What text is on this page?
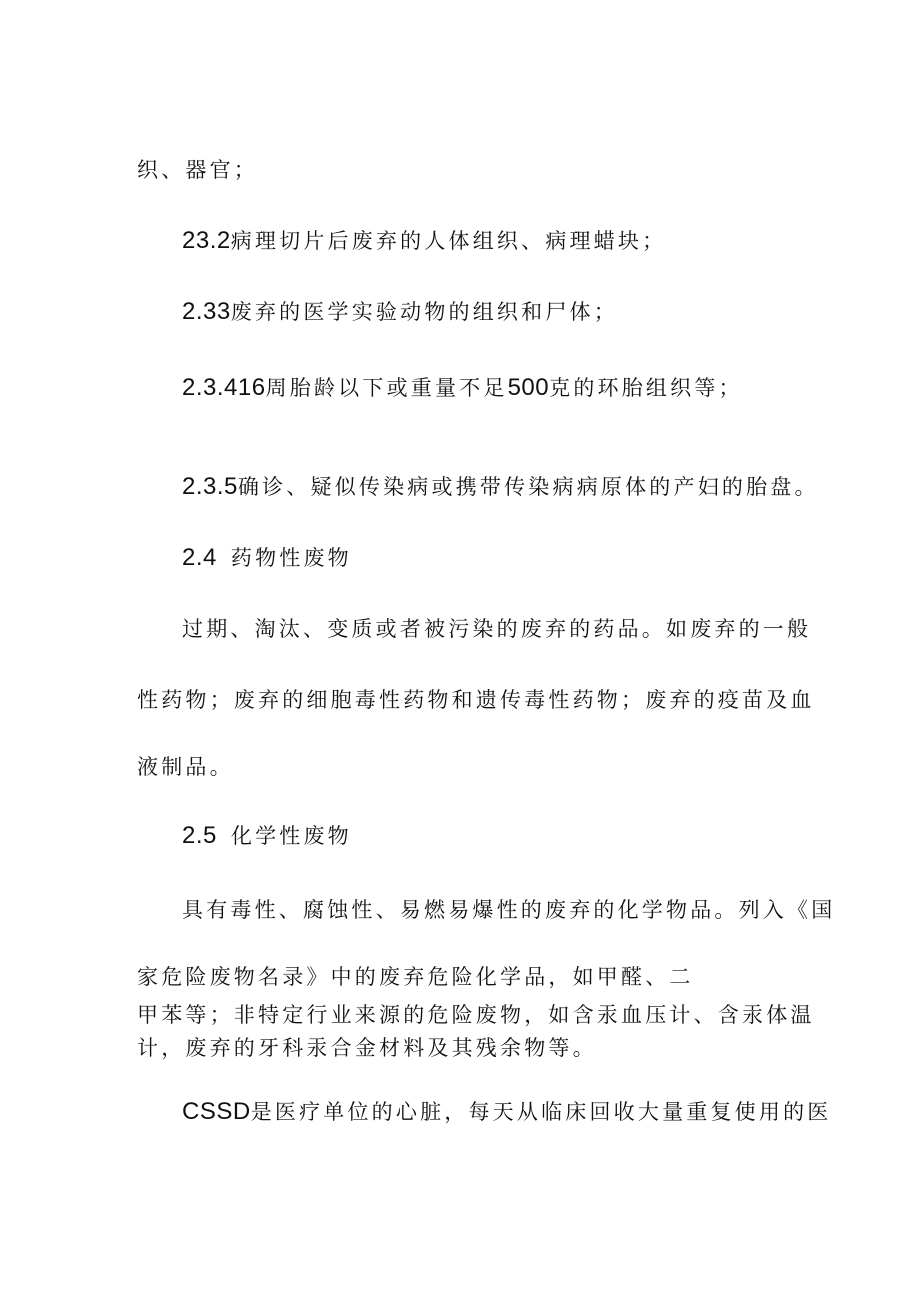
织、器官；
23.2病理切片后废弃的人体组织、病理蜡块；
2.33废弃的医学实验动物的组织和尸体；
2.3.416周胎龄以下或重量不足500克的环胎组织等；
2.3.5确诊、疑似传染病或携带传染病病原体的产妇的胎盘。
2.4 药物性废物
过期、淘汰、变质或者被污染的废弃的药品。如废弃的一般
性药物；废弃的细胞毒性药物和遗传毒性药物；废弃的疫苗及血
液制品。
2.5 化学性废物
具有毒性、腐蚀性、易燃易爆性的废弃的化学物品。列入《国
家危险废物名录》中的废弃危险化学品，如甲醛、二
甲苯等；非特定行业来源的危险废物，如含汞血压计、含汞体温
计，废弃的牙科汞合金材料及其残余物等。
CSSD是医疗单位的心脏，每天从临床回收大量重复使用的医
